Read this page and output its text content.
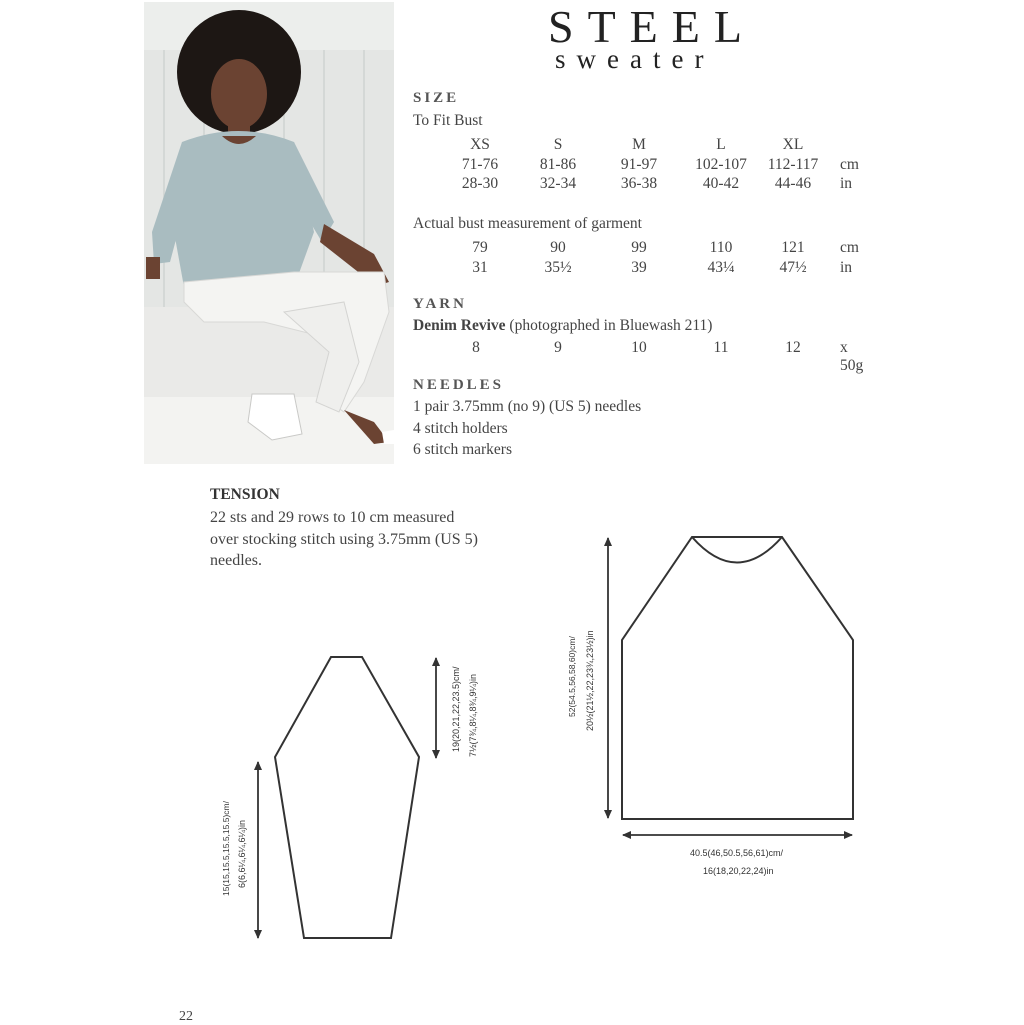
STEEL
sweater
SIZE
To Fit Bust
XS	S	M	L	XL
71-76	81-86	91-97	102-107	112-117	cm
28-30	32-34	36-38	40-42	44-46	in
Actual bust measurement of garment
79	90	99	110	121	cm
31	35½	39	43¼	47½	in
YARN
Denim Revive (photographed in Bluewash 211)
8	9	10	11	12	x 50g
NEEDLES
1 pair 3.75mm (no 9) (US 5) needles
4 stitch holders
6 stitch markers
TENSION
22 sts and 29 rows to 10 cm measured
over stocking stitch using 3.75mm (US 5)
needles.
19(20,21,22,23.5)cm/ 7½(7¾,8¼,8¾,9¼)in
15(15,15.5,15.5,15.5)cm/ 6(6,6¼,6¼,6¼)in
52(54.5,56,58,60)cm/ 20½(21½,22,23¾,23½)in
40.5(46,50.5,56,61)cm/
16(18,20,22,24)in
22
